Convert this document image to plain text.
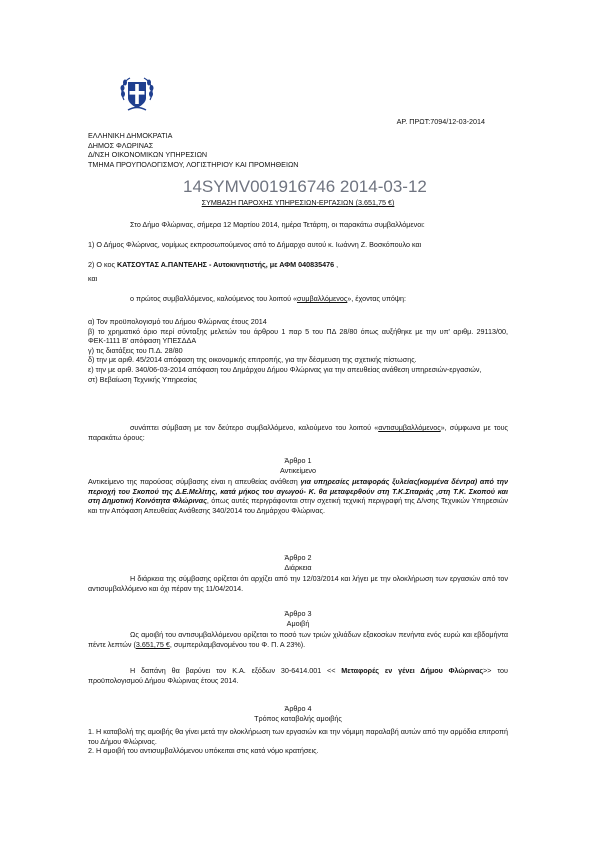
ΑΡ. ΠΡΩΤ:7094/12-03-2014
ΕΛΛΗΝΙΚΗ ΔΗΜΟΚΡΑΤΙΑ
ΔΗΜΟΣ ΦΛΩΡΙΝΑΣ
Δ/ΝΣΗ ΟΙΚΟΝΟΜΙΚΩΝ ΥΠΗΡΕΣΙΩΝ
ΤΜΗΜΑ ΠΡΟΥΠΟΛΟΓΙΣΜΟΥ, ΛΟΓΙΣΤΗΡΙΟΥ ΚΑΙ ΠΡΟΜΗΘΕΙΩΝ
14SYMV001916746 2014-03-12
ΣΥΜΒΑΣΗ ΠΑΡΟΧΗΣ ΥΠΗΡΕΣΙΩΝ-ΕΡΓΑΣΙΩΝ (3.651,75 €)
Στο Δήμο Φλώρινας, σήμερα 12 Μαρτίου 2014, ημέρα Τετάρτη, οι παρακάτω συμβαλλόμενοι:
1) Ο Δήμος Φλώρινας, νομίμως εκπροσωπούμενος από το Δήμαρχο αυτού κ. Ιωάννη Ζ. Βοσκόπουλο και
2) Ο κος ΚΑΤΣΟΥΤΑΣ Α.ΠΑΝΤΕΛΗΣ - Αυτοκινητιστής, με ΑΦΜ 040835476 ,
και
ο πρώτος συμβαλλόμενος, καλούμενος του λοιπού «συμβαλλόμενος», έχοντας υπόψη:
α) Τον προϋπολογισμό του Δήμου Φλώρινας έτους 2014
β) το χρηματικό όριο περί σύνταξης μελετών του άρθρου 1 παρ 5 του ΠΔ 28/80 όπως αυξήθηκε με την υπ' αριθμ. 29113/00, ΦΕΚ-1111 Β' απόφαση ΥΠΕΣΔΔΑ
γ) τις διατάξεις του Π.Δ. 28/80
δ) την με αριθ. 45/2014 απόφαση της οικονομικής επιτροπής, για την δέσμευση της σχετικής πίστωσης.
ε) την με αριθ. 340/06-03-2014 απόφαση του Δημάρχου Δήμου Φλώρινας για την απευθείας ανάθεση υπηρεσιών-εργασιών,
στ) Βεβαίωση Τεχνικής Υπηρεσίας
συνάπτει σύμβαση με τον δεύτερο συμβαλλόμενο, καλούμενο του λοιπού «αντισυμβαλλόμενος», σύμφωνα με τους παρακάτω όρους:
Άρθρο 1
Αντικείμενο
Αντικείμενο της παρούσας σύμβασης είναι η απευθείας ανάθεση για υπηρεσίες μεταφοράς ξυλείας(κομμένα δέντρα) από την περιοχή του Σκοπού της Δ.Ε.Μελίτης, κατά μήκος του αγωγού- Κ. θα μεταφερθούν στη Τ.Κ.Σιταριάς ,στη Τ.Κ. Σκοπού και στη Δημοτική Κοινότητα Φλώρινας, όπως αυτές περιγράφονται στην σχετική τεχνική περιγραφή της Δ/νσης Τεχνικών Υπηρεσιών και την Απόφαση Απευθείας Ανάθεσης 340/2014 του Δημάρχου Φλώρινας.
Άρθρο 2
Διάρκεια
Η διάρκεια της σύμβασης ορίζεται ότι αρχίζει από την 12/03/2014 και λήγει με την ολοκλήρωση των εργασιών από τον αντισυμβαλλόμενο και όχι πέραν της 11/04/2014.
Άρθρο 3
Αμοιβή
Ως αμοιβή του αντισυμβαλλόμενου ορίζεται το ποσό των τριών χιλιάδων εξακοσίων πενήντα ενός ευρώ και εβδομήντα πέντε λεπτών (3.651,75 €, συμπεριλαμβανομένου του Φ. Π. Α 23%).
Η δαπάνη θα βαρύνει τον Κ.Α. εξόδων 30-6414.001 << Μεταφορές εν γένει Δήμου Φλώρινας>> του προϋπολογισμού Δήμου Φλώρινας έτους 2014.
Άρθρο 4
Τρόπος καταβολής αμοιβής
1. Η καταβολή της αμοιβής θα γίνει μετά την ολοκλήρωση των εργασιών και την νόμιμη παραλαβή αυτών από την αρμόδια επιτροπή του Δήμου Φλώρινας.
2. Η αμοιβή του αντισυμβαλλόμενου υπόκειται στις κατά νόμο κρατήσεις.
